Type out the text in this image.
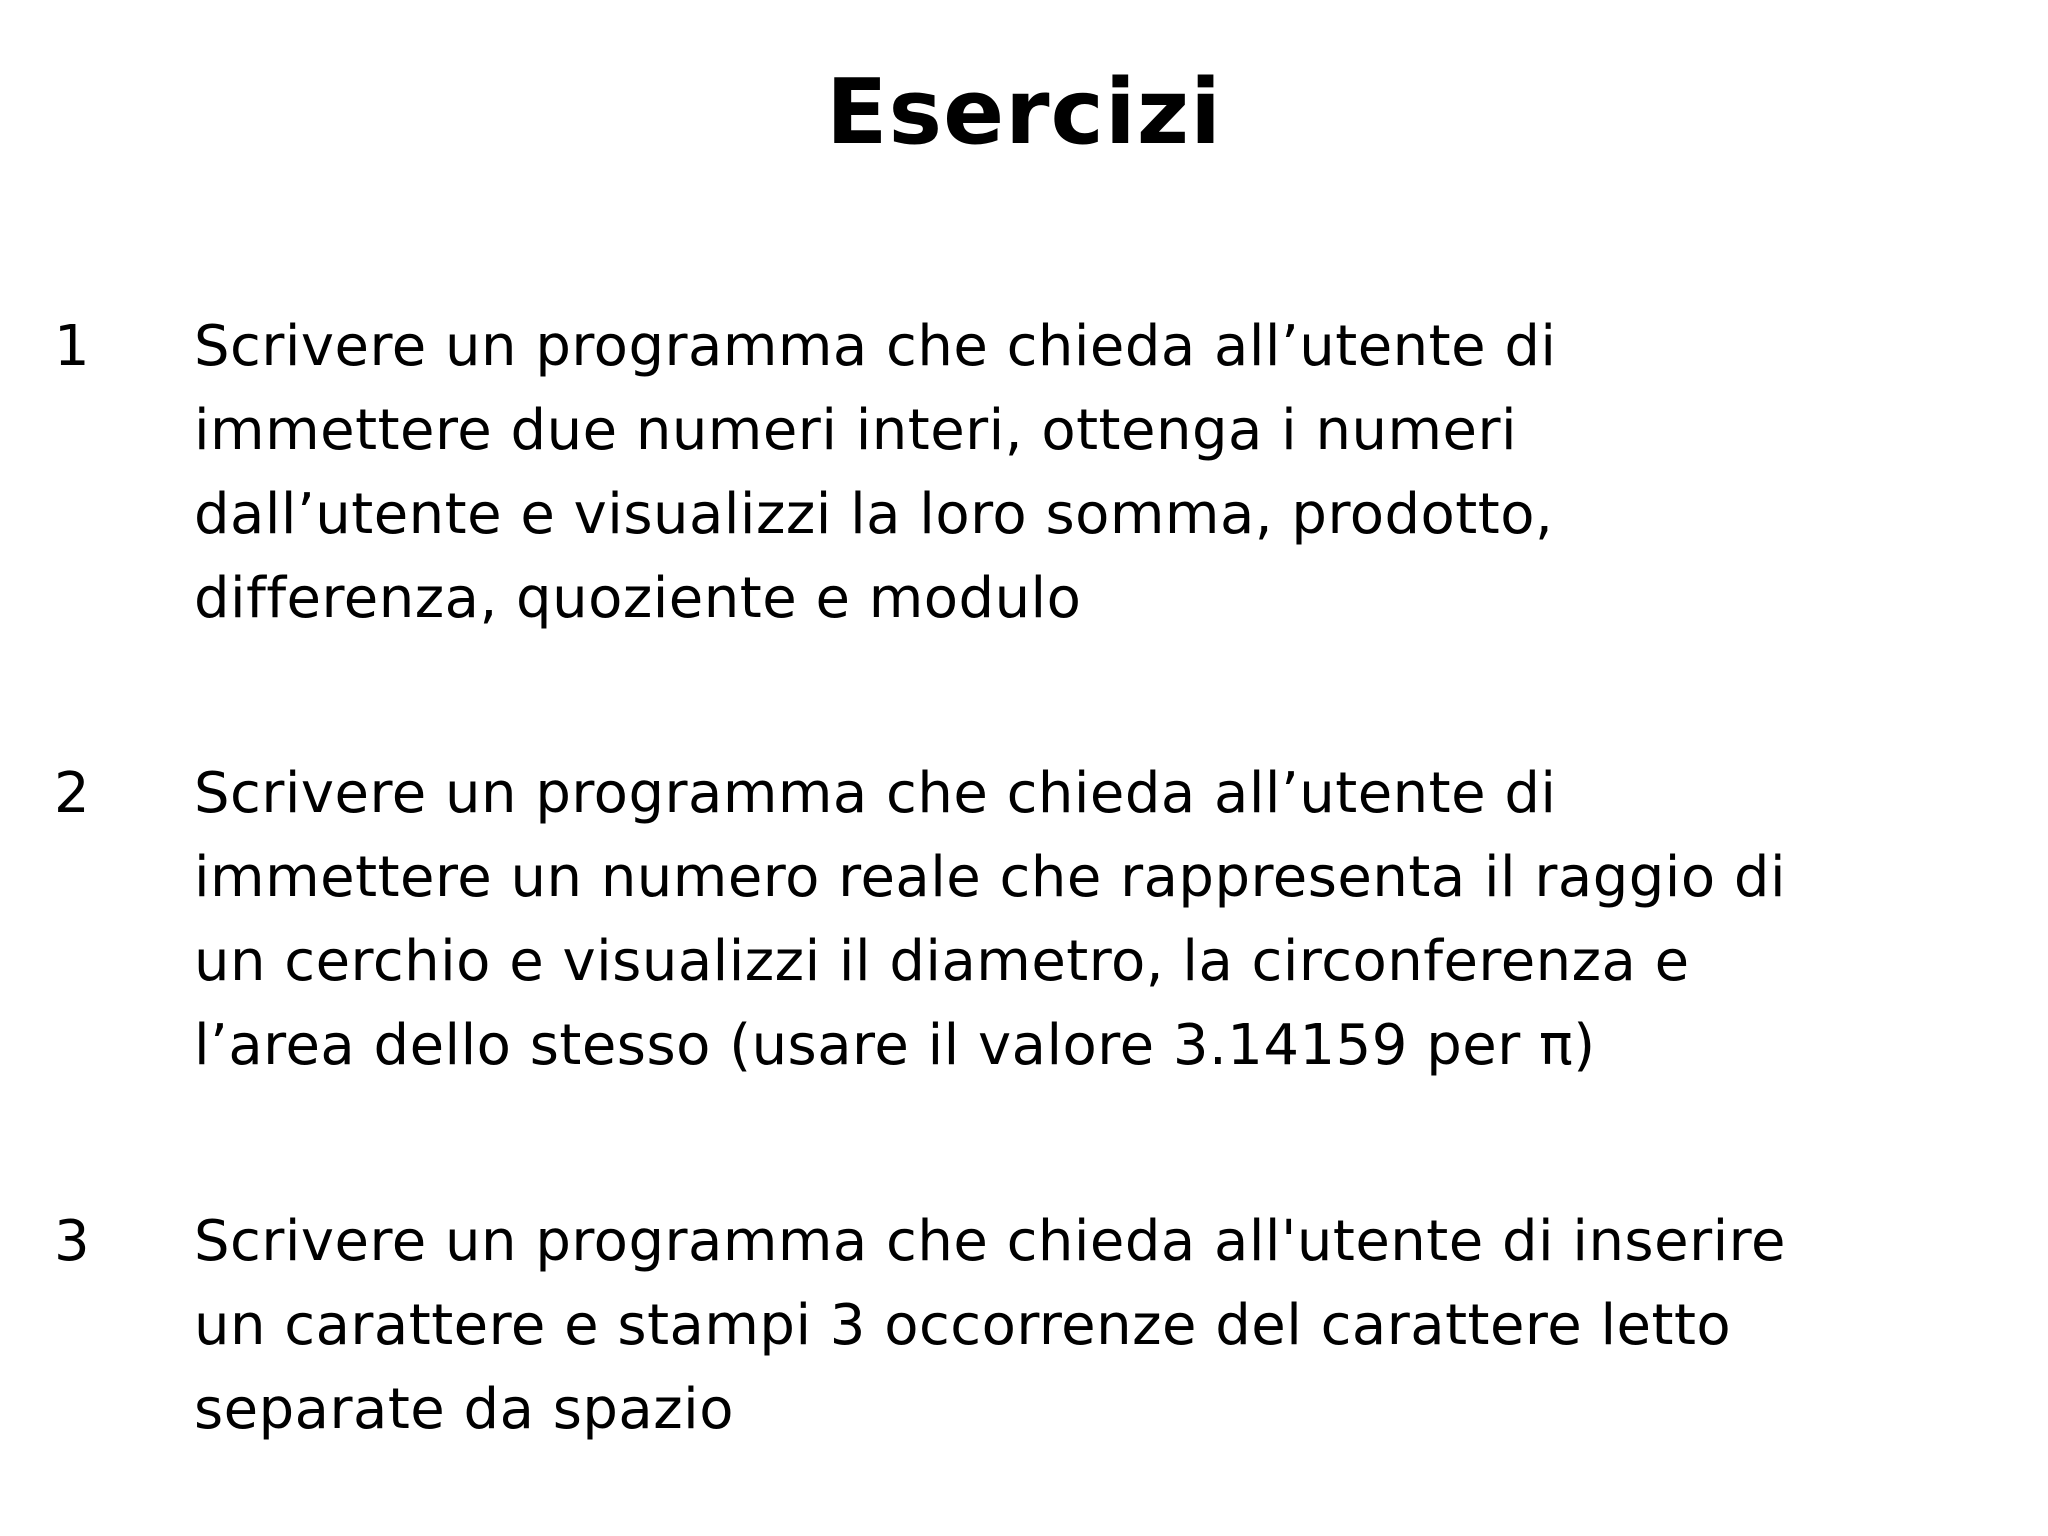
Esercizi
1 Scrivere un programma che chieda all’utente di
immettere due numeri interi, ottenga i numeri
dall’utente e visualizzi la loro somma, prodotto,
differenza, quoziente e modulo
2 Scrivere un programma che chieda all’utente di
immettere un numero reale che rappresenta il raggio di
un cerchio e visualizzi il diametro, la circonferenza e
l’area dello stesso (usare il valore 3.14159 per π)
3 Scrivere un programma che chieda all'utente di inserire
un carattere e stampi 3 occorrenze del carattere letto
separate da spazio
